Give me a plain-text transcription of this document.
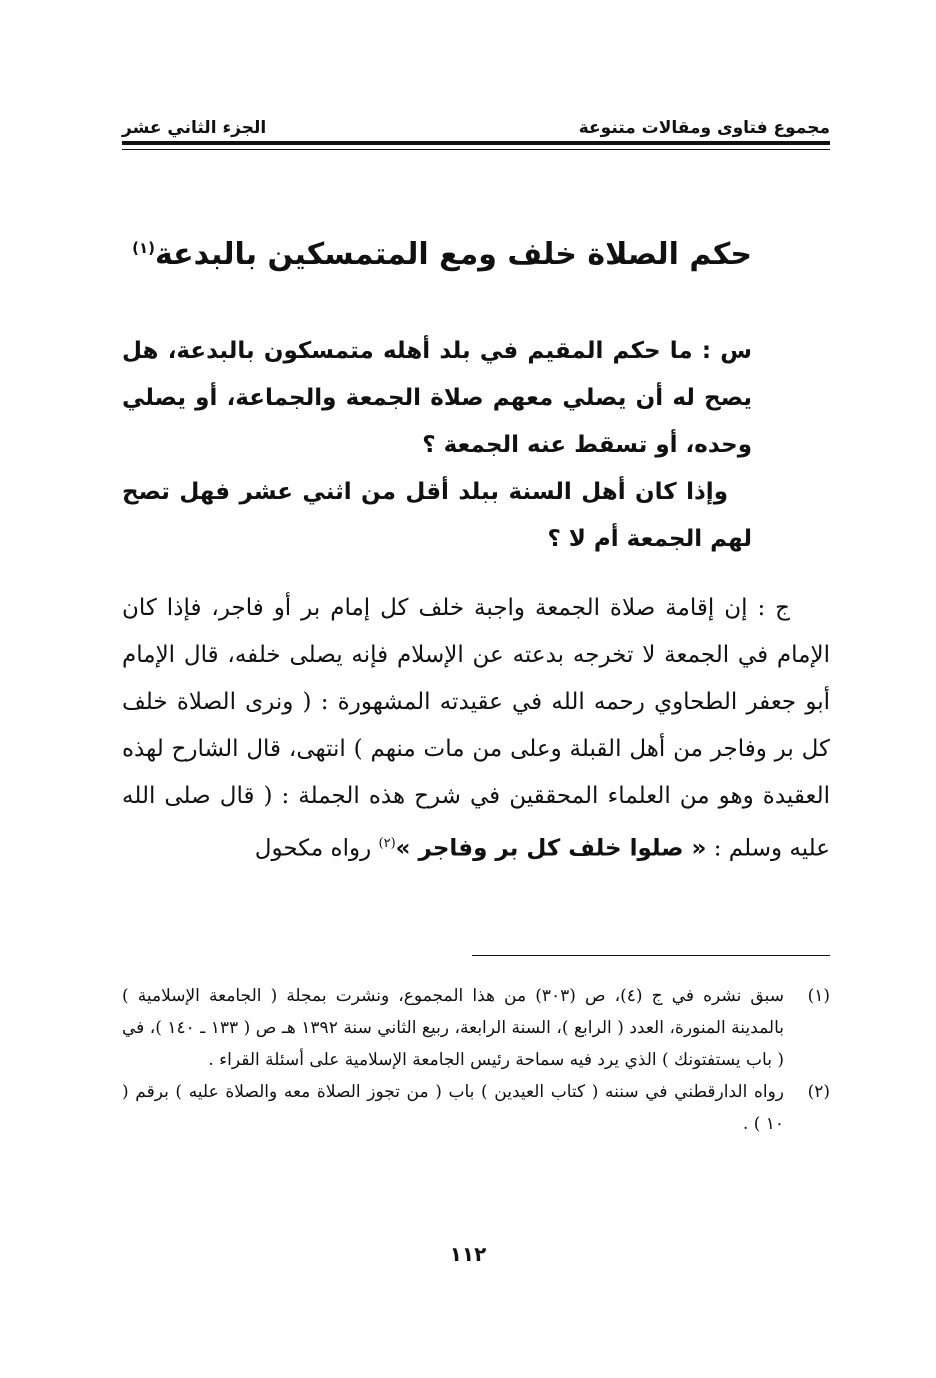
مجموع فتاوى ومقالات متنوعة
الجزء الثاني عشر
حكم الصلاة خلف ومع المتمسكين بالبدعة$^{(١)}$

س : ما حكم المقيم في بلد أهله متمسكون بالبدعة، هل يصح له أن يصلي معهم صلاة الجمعة والجماعة، أو يصلي وحده، أو تسقط عنه الجمعة ؟

وإذا كان أهل السنة ببلد أقل من اثني عشر فهل تصح لهم الجمعة أم لا ؟

ج : إن إقامة صلاة الجمعة واجبة خلف كل إمام بر أو فاجر، فإذا كان الإمام في الجمعة لا تخرجه بدعته عن الإسلام فإنه يصلى خلفه، قال الإمام أبو جعفر الطحاوي رحمه الله في عقيدته المشهورة : ( ونرى الصلاة خلف كل بر وفاجر من أهل القبلة وعلى من مات منهم ) انتهى، قال الشارح لهذه العقيدة وهو من العلماء المحققين في شرح هذه الجملة : ( قال صلى الله عليه وسلم : « صلوا خلف كل بر وفاجر »$^{(٢)}$ رواه مكحول

(١)
سبق نشره في ج (٤)، ص (٣٠٣) من هذا المجموع، ونشرت بمجلة ( الجامعة الإسلامية ) بالمدينة المنورة، العدد ( الرابع )، السنة الرابعة، ربيع الثاني سنة ١٣٩٢ هـ ص ( ١٣٣ ـ ١٤٠ )، في ( باب يستفتونك ) الذي يرد فيه سماحة رئيس الجامعة الإسلامية على أسئلة القراء .
(٢)
رواه الدارقطني في سننه ( كتاب العيدين ) باب ( من تجوز الصلاة معه والصلاة عليه ) برقم ( ١٠ ) .
١١٢
